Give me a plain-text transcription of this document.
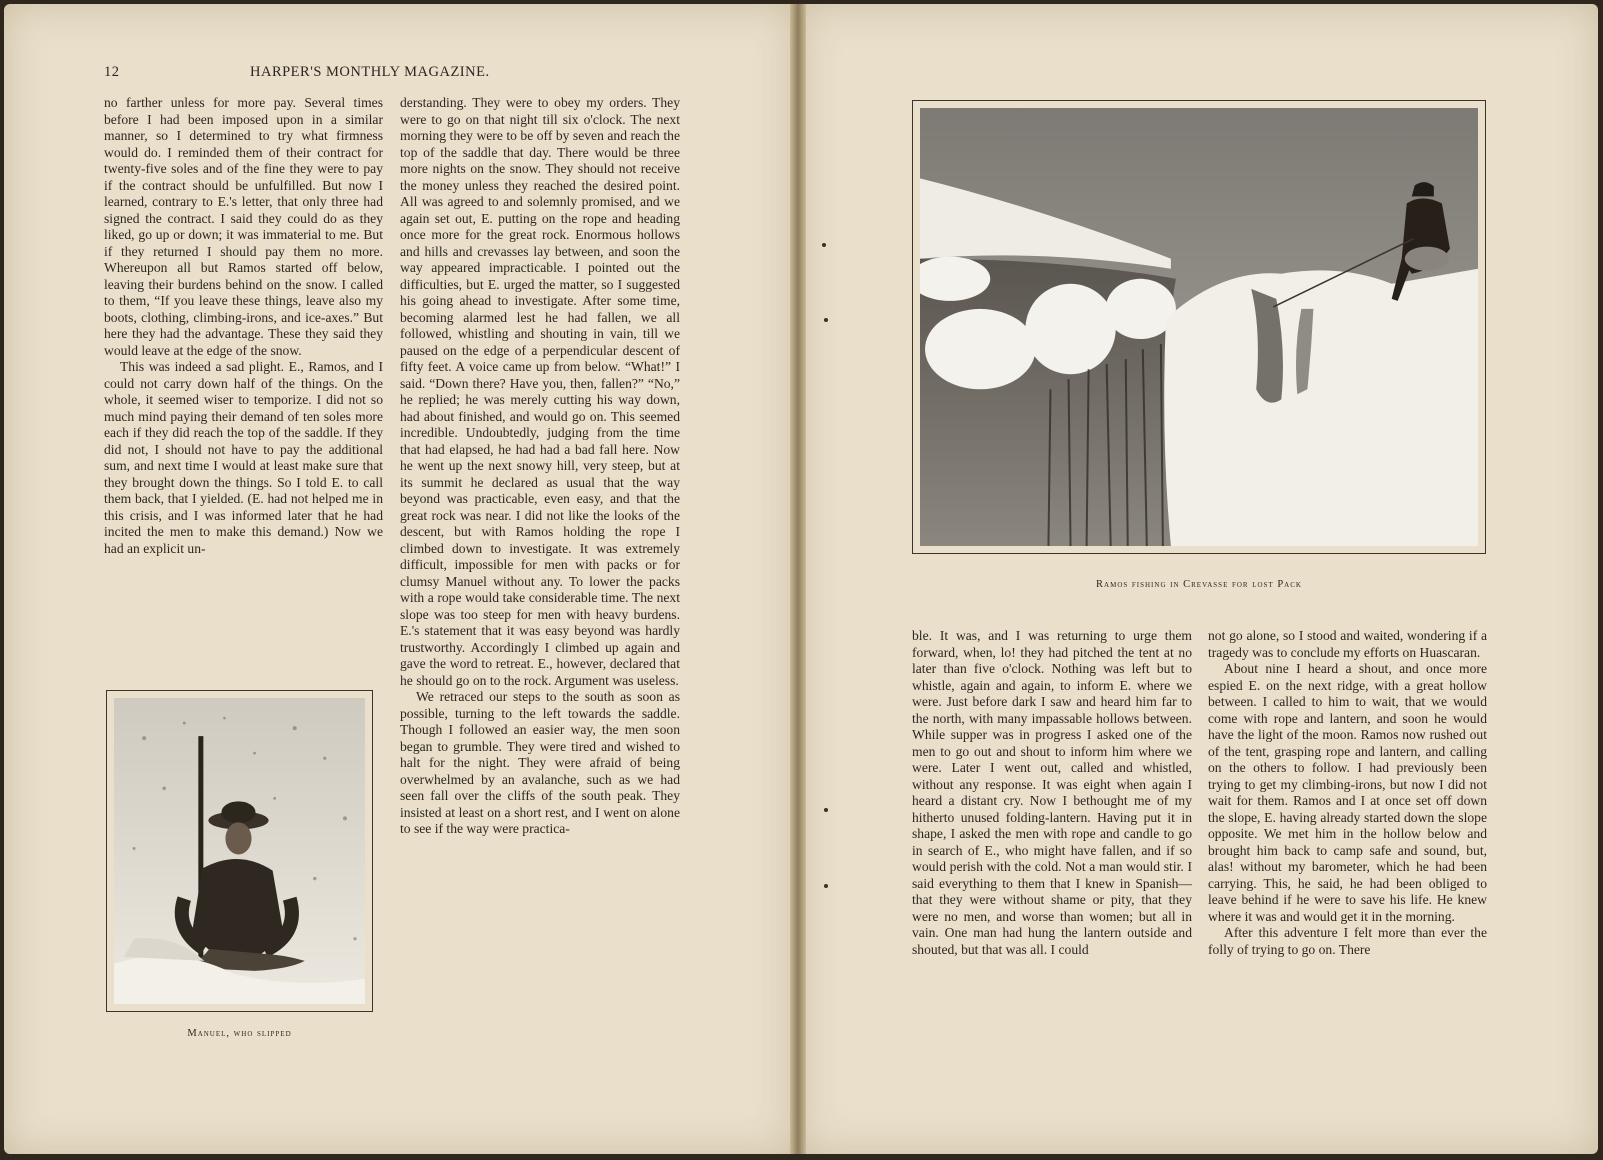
12	HARPER'S MONTHLY MAGAZINE.

no farther unless for more pay. Several times before I had been imposed upon in a similar manner, so I determined to try what firmness would do. I reminded them of their contract for twenty-five soles and of the fine they were to pay if the contract should be unfulfilled. But now I learned, contrary to E.'s letter, that only three had signed the contract. I said they could do as they liked, go up or down; it was immaterial to me. But if they returned I should pay them no more. Whereupon all but Ramos started off below, leaving their burdens behind on the snow. I called to them, “If you leave these things, leave also my boots, clothing, climbing-irons, and ice-axes.” But here they had the advantage. These they said they would leave at the edge of the snow.

This was indeed a sad plight. E., Ramos, and I could not carry down half of the things. On the whole, it seemed wiser to temporize. I did not so much mind paying their demand of ten soles more each if they did reach the top of the saddle. If they did not, I should not have to pay the additional sum, and next time I would at least make sure that they brought down the things. So I told E. to call them back, that I yielded. (E. had not helped me in this crisis, and I was informed later that he had incited the men to make this demand.) Now we had an explicit un-

Manuel, who slipped

derstanding. They were to obey my orders. They were to go on that night till six o'clock. The next morning they were to be off by seven and reach the top of the saddle that day. There would be three more nights on the snow. They should not receive the money unless they reached the desired point. All was agreed to and solemnly promised, and we again set out, E. putting on the rope and heading once more for the great rock. Enormous hollows and hills and crevasses lay between, and soon the way appeared impracticable. I pointed out the difficulties, but E. urged the matter, so I suggested his going ahead to investigate. After some time, becoming alarmed lest he had fallen, we all followed, whistling and shouting in vain, till we paused on the edge of a perpendicular descent of fifty feet. A voice came up from below. “What!” I said. “Down there? Have you, then, fallen?” “No,” he replied; he was merely cutting his way down, had about finished, and would go on. This seemed incredible. Undoubtedly, judging from the time that had elapsed, he had had a bad fall here. Now he went up the next snowy hill, very steep, but at its summit he declared as usual that the way beyond was practicable, even easy, and that the great rock was near. I did not like the looks of the descent, but with Ramos holding the rope I climbed down to investigate. It was extremely difficult, impossible for men with packs or for clumsy Manuel without any. To lower the packs with a rope would take considerable time. The next slope was too steep for men with heavy burdens. E.'s statement that it was easy beyond was hardly trustworthy. Accordingly I climbed up again and gave the word to retreat. E., however, declared that he should go on to the rock. Argument was useless.

We retraced our steps to the south as soon as possible, turning to the left towards the saddle. Though I followed an easier way, the men soon began to grumble. They were tired and wished to halt for the night. They were afraid of being overwhelmed by an avalanche, such as we had seen fall over the cliffs of the south peak. They insisted at least on a short rest, and I went on alone to see if the way were practica-

Ramos fishing in Crevasse for lost Pack

ble. It was, and I was returning to urge them forward, when, lo! they had pitched the tent at no later than five o'clock. Nothing was left but to whistle, again and again, to inform E. where we were. Just before dark I saw and heard him far to the north, with many impassable hollows between. While supper was in progress I asked one of the men to go out and shout to inform him where we were. Later I went out, called and whistled, without any response. It was eight when again I heard a distant cry. Now I bethought me of my hitherto unused folding-lantern. Having put it in shape, I asked the men with rope and candle to go in search of E., who might have fallen, and if so would perish with the cold. Not a man would stir. I said everything to them that I knew in Spanish—that they were without shame or pity, that they were no men, and worse than women; but all in vain. One man had hung the lantern outside and shouted, but that was all. I could

not go alone, so I stood and waited, wondering if a tragedy was to conclude my efforts on Huascaran.

About nine I heard a shout, and once more espied E. on the next ridge, with a great hollow between. I called to him to wait, that we would come with rope and lantern, and soon he would have the light of the moon. Ramos now rushed out of the tent, grasping rope and lantern, and calling on the others to follow. I had previously been trying to get my climbing-irons, but now I did not wait for them. Ramos and I at once set off down the slope, E. having already started down the slope opposite. We met him in the hollow below and brought him back to camp safe and sound, but, alas! without my barometer, which he had been carrying. This, he said, he had been obliged to leave behind if he were to save his life. He knew where it was and would get it in the morning.

After this adventure I felt more than ever the folly of trying to go on. There
